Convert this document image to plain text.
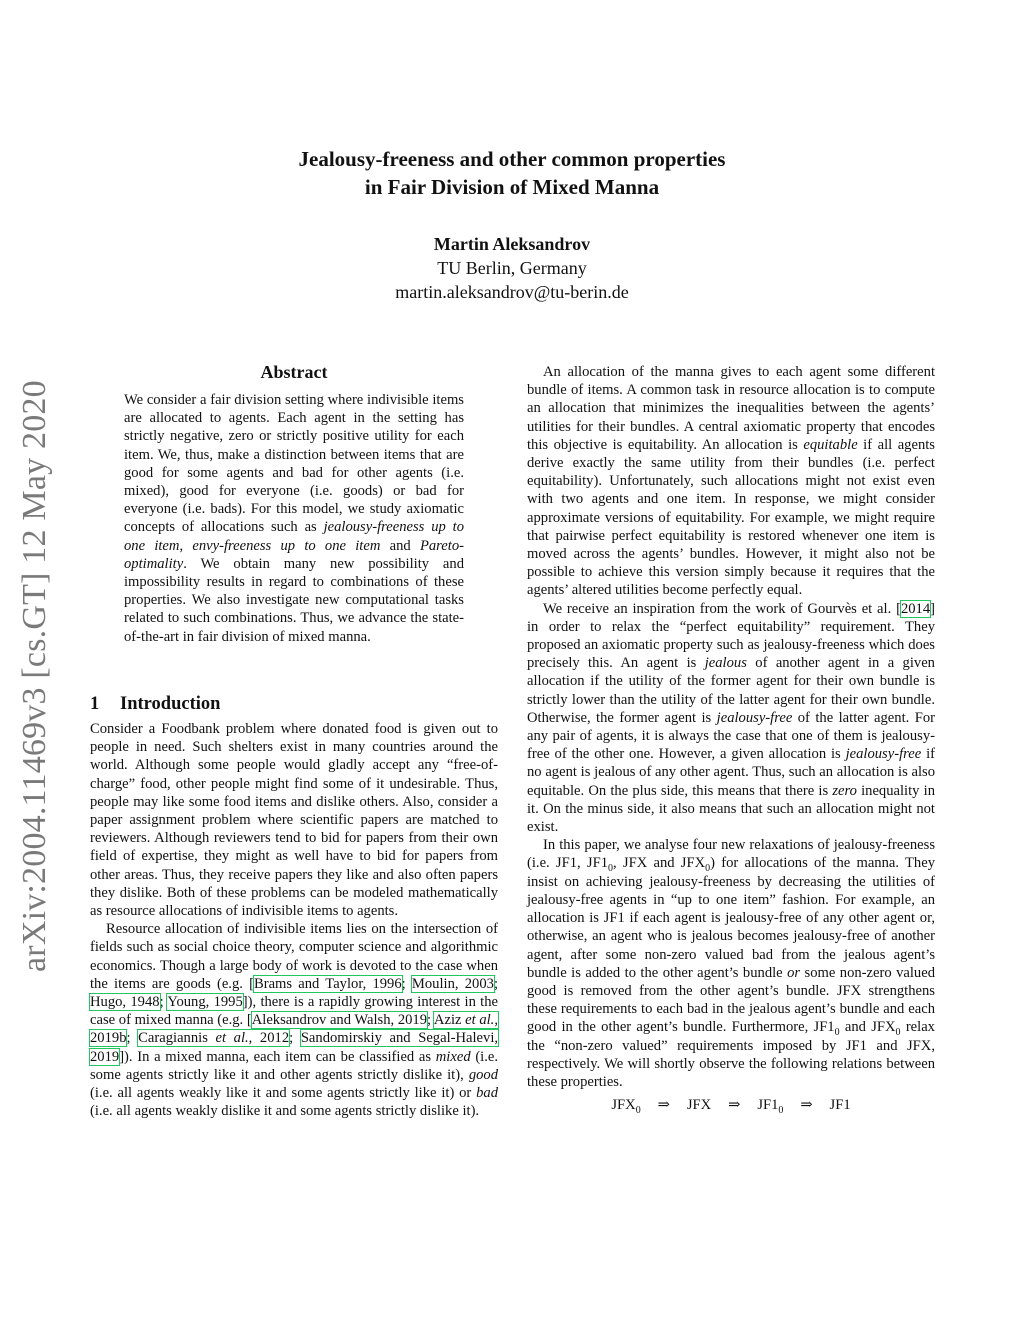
Jealousy-freeness and other common properties
in Fair Division of Mixed Manna
Martin Aleksandrov
TU Berlin, Germany
martin.aleksandrov@tu-berin.de
arXiv:2004.11469v3 [cs.GT] 12 May 2020
Abstract
We consider a fair division setting where indivisible items are allocated to agents. Each agent in the setting has strictly negative, zero or strictly positive utility for each item. We, thus, make a distinction between items that are good for some agents and bad for other agents (i.e. mixed), good for everyone (i.e. goods) or bad for everyone (i.e. bads). For this model, we study axiomatic concepts of allocations such as jealousy-freeness up to one item, envy-freeness up to one item and Pareto-optimality. We obtain many new possibility and impossibility results in regard to combinations of these properties. We also investigate new computational tasks related to such combinations. Thus, we advance the state-of-the-art in fair division of mixed manna.
1 Introduction

Consider a Foodbank problem where donated food is given out to people in need. Such shelters exist in many countries around the world. Although some people would gladly accept any “free-of-charge” food, other people might find some of it undesirable. Thus, people may like some food items and dislike others. Also, consider a paper assignment problem where scientific papers are matched to reviewers. Although reviewers tend to bid for papers from their own field of expertise, they might as well have to bid for papers from other areas. Thus, they receive papers they like and also often papers they dislike. Both of these problems can be modeled mathematically as resource allocations of indivisible items to agents.

Resource allocation of indivisible items lies on the intersection of fields such as social choice theory, computer science and algorithmic economics. Though a large body of work is devoted to the case when the items are goods (e.g. [Brams and Taylor, 1996; Moulin, 2003; Hugo, 1948; Young, 1995]), there is a rapidly growing interest in the case of mixed manna (e.g. [Aleksandrov and Walsh, 2019; Aziz et al., 2019b; Caragiannis et al., 2012; Sandomirskiy and Segal-Halevi, 2019]). In a mixed manna, each item can be classified as mixed (i.e. some agents strictly like it and other agents strictly dislike it), good (i.e. all agents weakly like it and some agents strictly like it) or bad (i.e. all agents weakly dislike it and some agents strictly dislike it).

An allocation of the manna gives to each agent some different bundle of items. A common task in resource allocation is to compute an allocation that minimizes the inequalities between the agents’ utilities for their bundles. A central axiomatic property that encodes this objective is equitability. An allocation is equitable if all agents derive exactly the same utility from their bundles (i.e. perfect equitability). Unfortunately, such allocations might not exist even with two agents and one item. In response, we might consider approximate versions of equitability. For example, we might require that pairwise perfect equitability is restored whenever one item is moved across the agents’ bundles. However, it might also not be possible to achieve this version simply because it requires that the agents’ altered utilities become perfectly equal.

We receive an inspiration from the work of Gourvès et al. [2014] in order to relax the “perfect equitability” requirement. They proposed an axiomatic property such as jealousy-freeness which does precisely this. An agent is jealous of another agent in a given allocation if the utility of the former agent for their own bundle is strictly lower than the utility of the latter agent for their own bundle. Otherwise, the former agent is jealousy-free of the latter agent. For any pair of agents, it is always the case that one of them is jealousy-free of the other one. However, a given allocation is jealousy-free if no agent is jealous of any other agent. Thus, such an allocation is also equitable. On the plus side, this means that there is zero inequality in it. On the minus side, it also means that such an allocation might not exist.

In this paper, we analyse four new relaxations of jealousy-freeness (i.e. JF1, $JF1_0$, JFX and $JFX_0$) for allocations of the manna. They insist on achieving jealousy-freeness by decreasing the utilities of jealousy-free agents in “up to one item” fashion. For example, an allocation is JF1 if each agent is jealousy-free of any other agent or, otherwise, an agent who is jealous becomes jealousy-free of another agent, after some non-zero valued bad from the jealous agent’s bundle is added to the other agent’s bundle or some non-zero valued good is removed from the other agent’s bundle. JFX strengthens these requirements to each bad in the jealous agent’s bundle and each good in the other agent’s bundle. Furthermore, $JF1_0$ and $JFX_0$ relax the “non-zero valued” requirements imposed by JF1 and JFX, respectively. We will shortly observe the following relations between these properties.

$JFX_0$ ⇒ JFX ⇒ $JF1_0$ ⇒ JF1
